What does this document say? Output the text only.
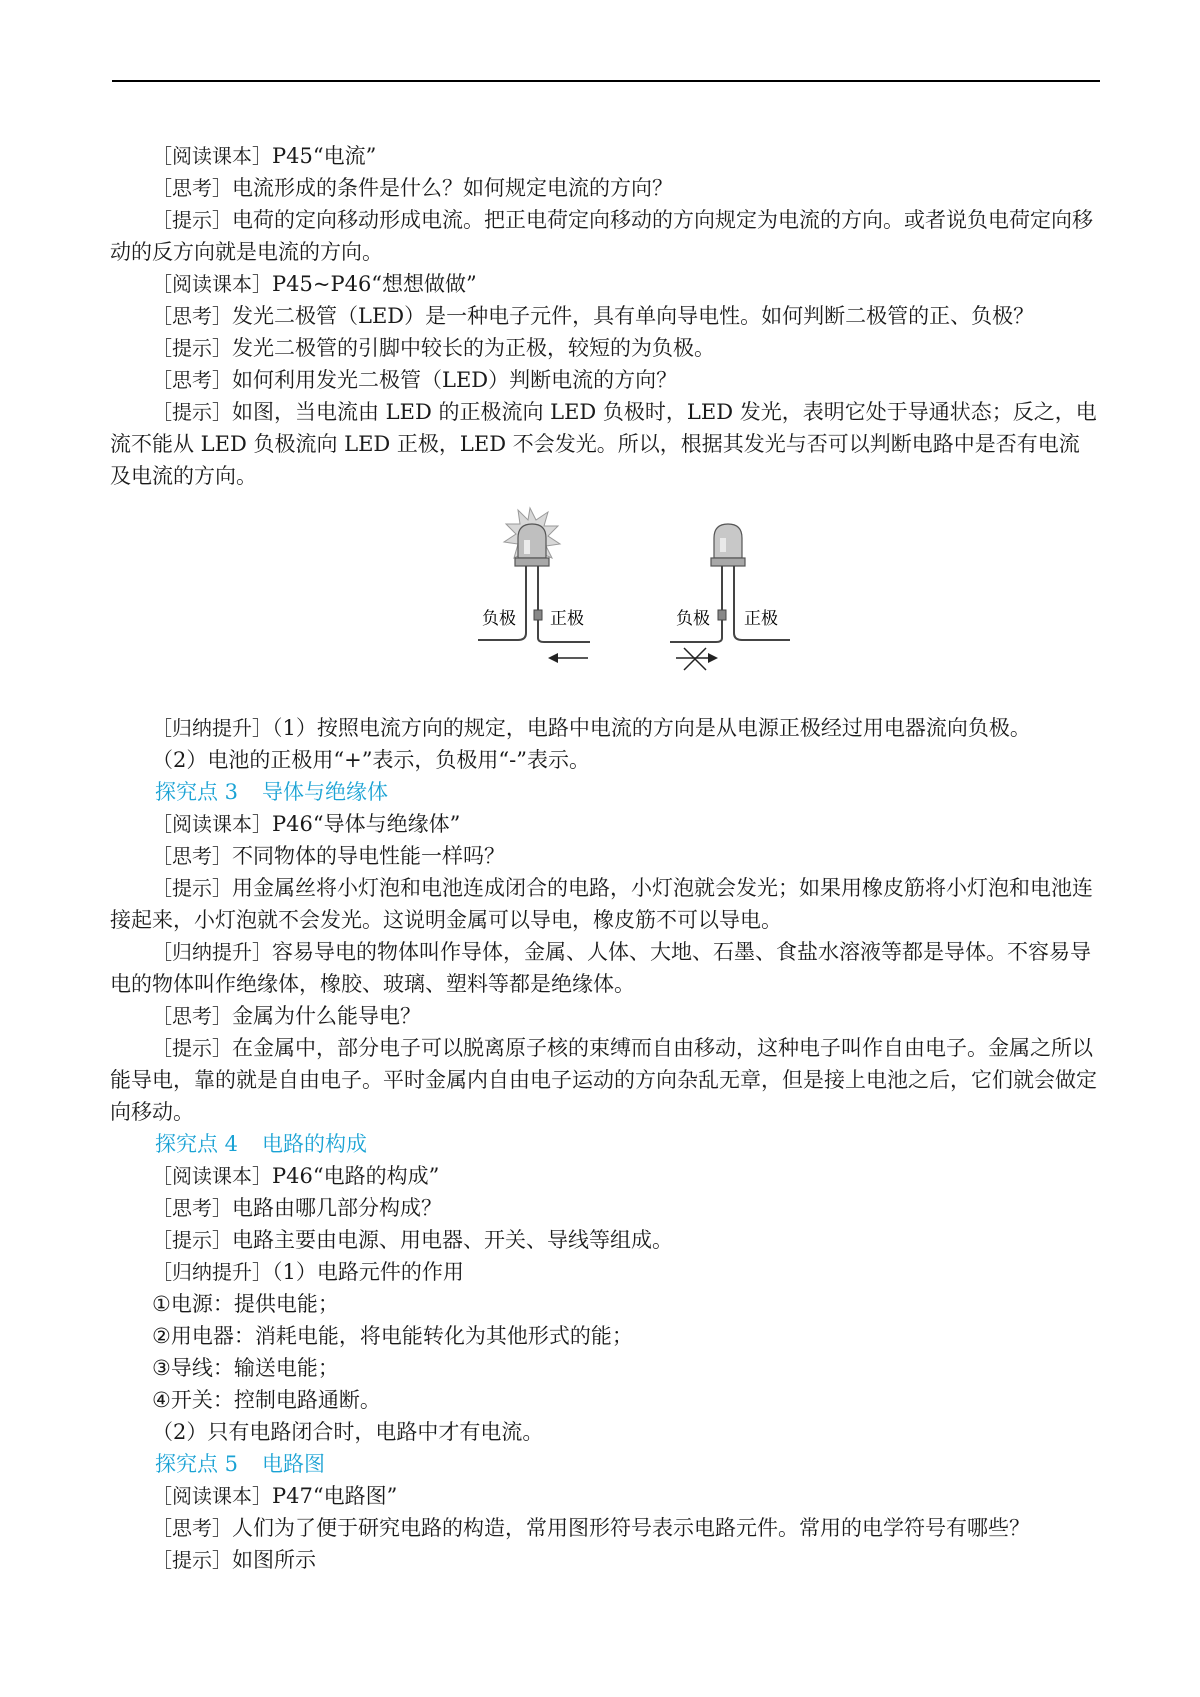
［阅读课本］P45“电流”

［思考］电流形成的条件是什么？如何规定电流的方向？

［提示］电荷的定向移动形成电流。把正电荷定向移动的方向规定为电流的方向。或者说负电荷定向移动的反方向就是电流的方向。

［阅读课本］P45~P46“想想做做”

［思考］发光二极管（LED）是一种电子元件，具有单向导电性。如何判断二极管的正、负极？

［提示］发光二极管的引脚中较长的为正极，较短的为负极。

［思考］如何利用发光二极管（LED）判断电流的方向？

［提示］如图，当电流由 LED 的正极流向 LED 负极时，LED 发光，表明它处于导通状态；反之，电流不能从 LED 负极流向 LED 正极，LED 不会发光。所以，根据其发光与否可以判断电路中是否有电流及电流的方向。

负极 正极	负极 正极

［归纳提升］（1）按照电流方向的规定，电路中电流的方向是从电源正极经过用电器流向负极。

（2）电池的正极用“+”表示，负极用“-”表示。

探究点 3 导体与绝缘体

［阅读课本］P46“导体与绝缘体”

［思考］不同物体的导电性能一样吗？

［提示］用金属丝将小灯泡和电池连成闭合的电路，小灯泡就会发光；如果用橡皮筋将小灯泡和电池连接起来，小灯泡就不会发光。这说明金属可以导电，橡皮筋不可以导电。

［归纳提升］容易导电的物体叫作导体，金属、人体、大地、石墨、食盐水溶液等都是导体。不容易导电的物体叫作绝缘体，橡胶、玻璃、塑料等都是绝缘体。

［思考］金属为什么能导电？

［提示］在金属中，部分电子可以脱离原子核的束缚而自由移动，这种电子叫作自由电子。金属之所以能导电，靠的就是自由电子。平时金属内自由电子运动的方向杂乱无章，但是接上电池之后，它们就会做定向移动。

探究点 4 电路的构成

［阅读课本］P46“电路的构成”

［思考］电路由哪几部分构成？

［提示］电路主要由电源、用电器、开关、导线等组成。

［归纳提升］（1）电路元件的作用

①电源：提供电能；

②用电器：消耗电能，将电能转化为其他形式的能；

③导线：输送电能；

④开关：控制电路通断。

（2）只有电路闭合时，电路中才有电流。

探究点 5 电路图

［阅读课本］P47“电路图”

［思考］人们为了便于研究电路的构造，常用图形符号表示电路元件。常用的电学符号有哪些？

［提示］如图所示
